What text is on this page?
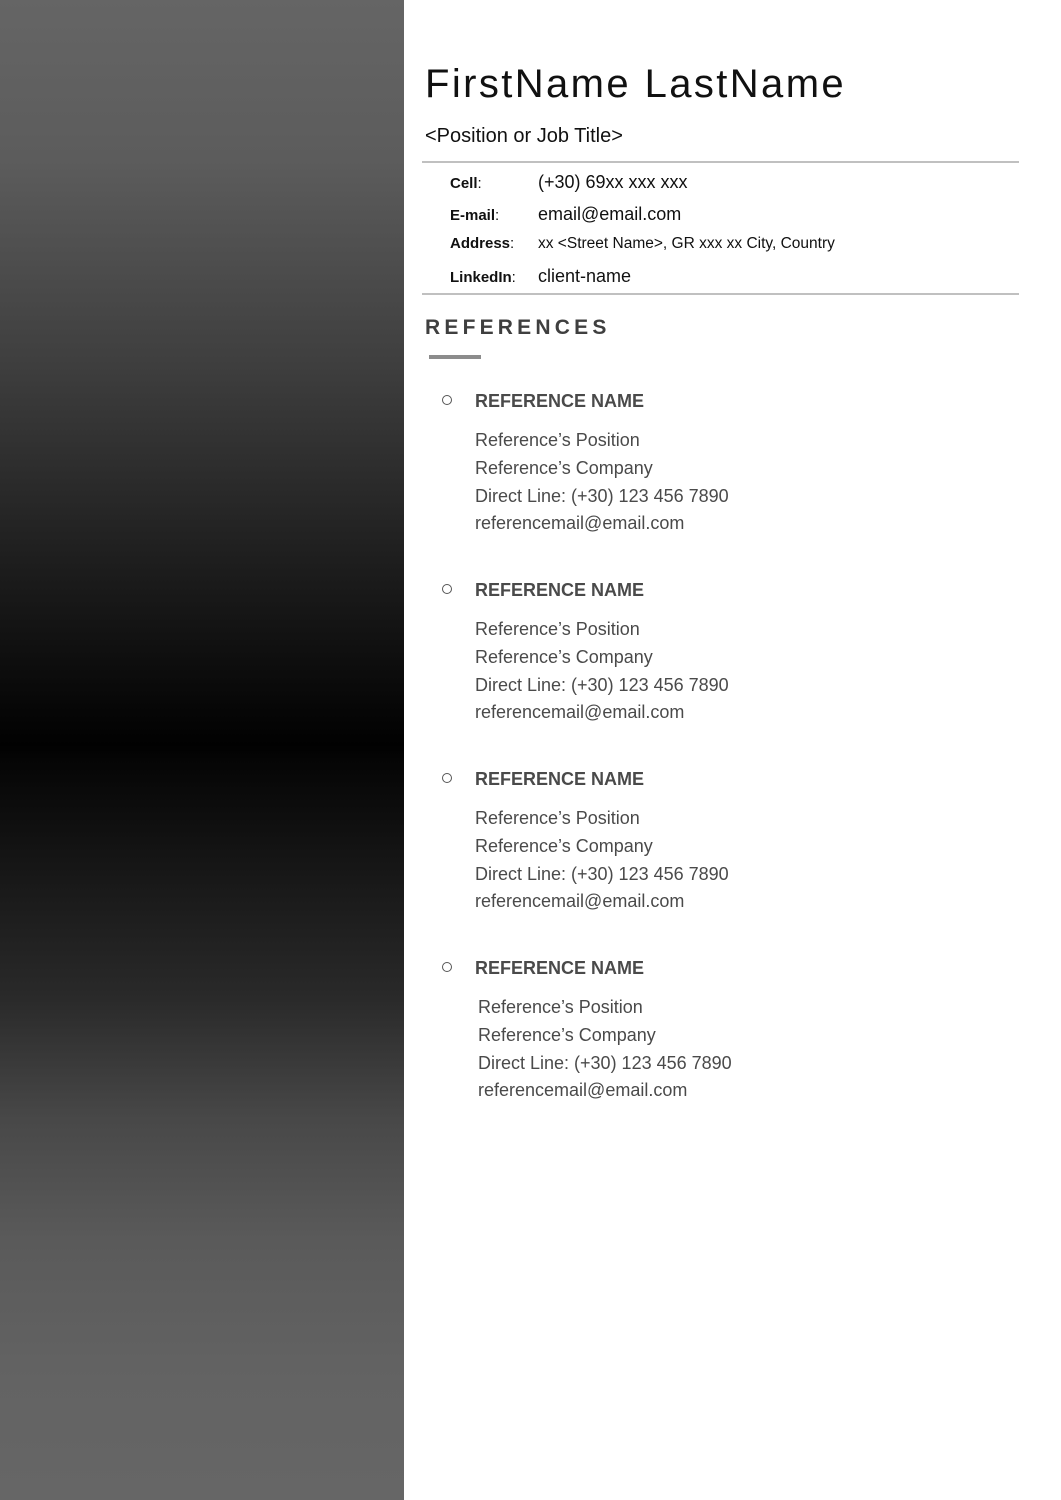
FirstName LastName
<Position or Job Title>
Cell:	(+30) 69xx xxx xxx
E-mail:	email@email.com
Address:	xx <Street Name>, GR xxx xx City, Country
LinkedIn:	client-name
REFERENCES
REFERENCE NAME
Reference’s Position
Reference’s Company
Direct Line: (+30) 123 456 7890
referencemail@email.com
REFERENCE NAME
Reference’s Position
Reference’s Company
Direct Line: (+30) 123 456 7890
referencemail@email.com
REFERENCE NAME
Reference’s Position
Reference’s Company
Direct Line: (+30) 123 456 7890
referencemail@email.com
REFERENCE NAME
Reference’s Position
Reference’s Company
Direct Line: (+30) 123 456 7890
referencemail@email.com
